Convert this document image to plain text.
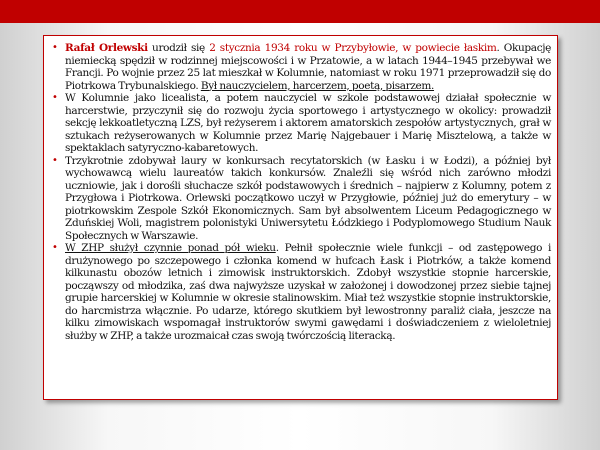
• Rafał Orlewski urodził się 2 stycznia 1934 roku w Przybyłowie, w powiecie łaskim. Okupację niemiecką spędził w rodzinnej miejscowości i w Przatowie, a w latach 1944–1945 przebywał we Francji. Po wojnie przez 25 lat mieszkał w Kolumnie, natomiast w roku 1971 przeprowadził się do Piotrkowa Trybunalskiego. Był nauczycielem, harcerzem, poetą, pisarzem.
• W Kolumnie jako licealista, a potem nauczyciel w szkole podstawowej działał społecznie w harcerstwie, przyczynił się do rozwoju życia sportowego i artystycznego w okolicy: prowadził sekcję lekkoatletyczną LZS, był reżyserem i aktorem amatorskich zespołów artystycznych, grał w sztukach reżyserowanych w Kolumnie przez Marię Najgebauer i Marię Misztelową, a także w spektaklach satyryczno-kabaretowych.
• Trzykrotnie zdobywał laury w konkursach recytatorskich (w Łasku i w Łodzi), a później był wychowawcą wielu laureatów takich konkursów. Znaleźli się wśród nich zarówno młodzi uczniowie, jak i dorośli słuchacze szkół podstawowych i średnich – najpierw z Kolumny, potem z Przygłowa i Piotrkowa. Orlewski początkowo uczył w Przygłowie, później już do emerytury – w piotrkowskim Zespole Szkół Ekonomicznych. Sam był absolwentem Liceum Pedagogicznego w Zduńskiej Woli, magistrem polonistyki Uniwersytetu Łódzkiego i Podyplomowego Studium Nauk Społecznych w Warszawie.
• W ZHP służył czynnie ponad pół wieku. Pełnił społecznie wiele funkcji – od zastępowego i drużynowego po szczepowego i członka komend w hufcach Łask i Piotrków, a także komend kilkunastu obozów letnich i zimowisk instruktorskich. Zdobył wszystkie stopnie harcerskie, począwszy od młodzika, zaś dwa najwyższe uzyskał w założonej i dowodzonej przez siebie tajnej grupie harcerskiej w Kolumnie w okresie stalinowskim. Miał też wszystkie stopnie instruktorskie, do harcmistrza włącznie. Po udarze, którego skutkiem był lewostronny paraliż ciała, jeszcze na kilku zimowiskach wspomagał instruktorów swymi gawędami i doświadczeniem z wieloletniej służby w ZHP, a także urozmaicał czas swoją twórczością literacką.
